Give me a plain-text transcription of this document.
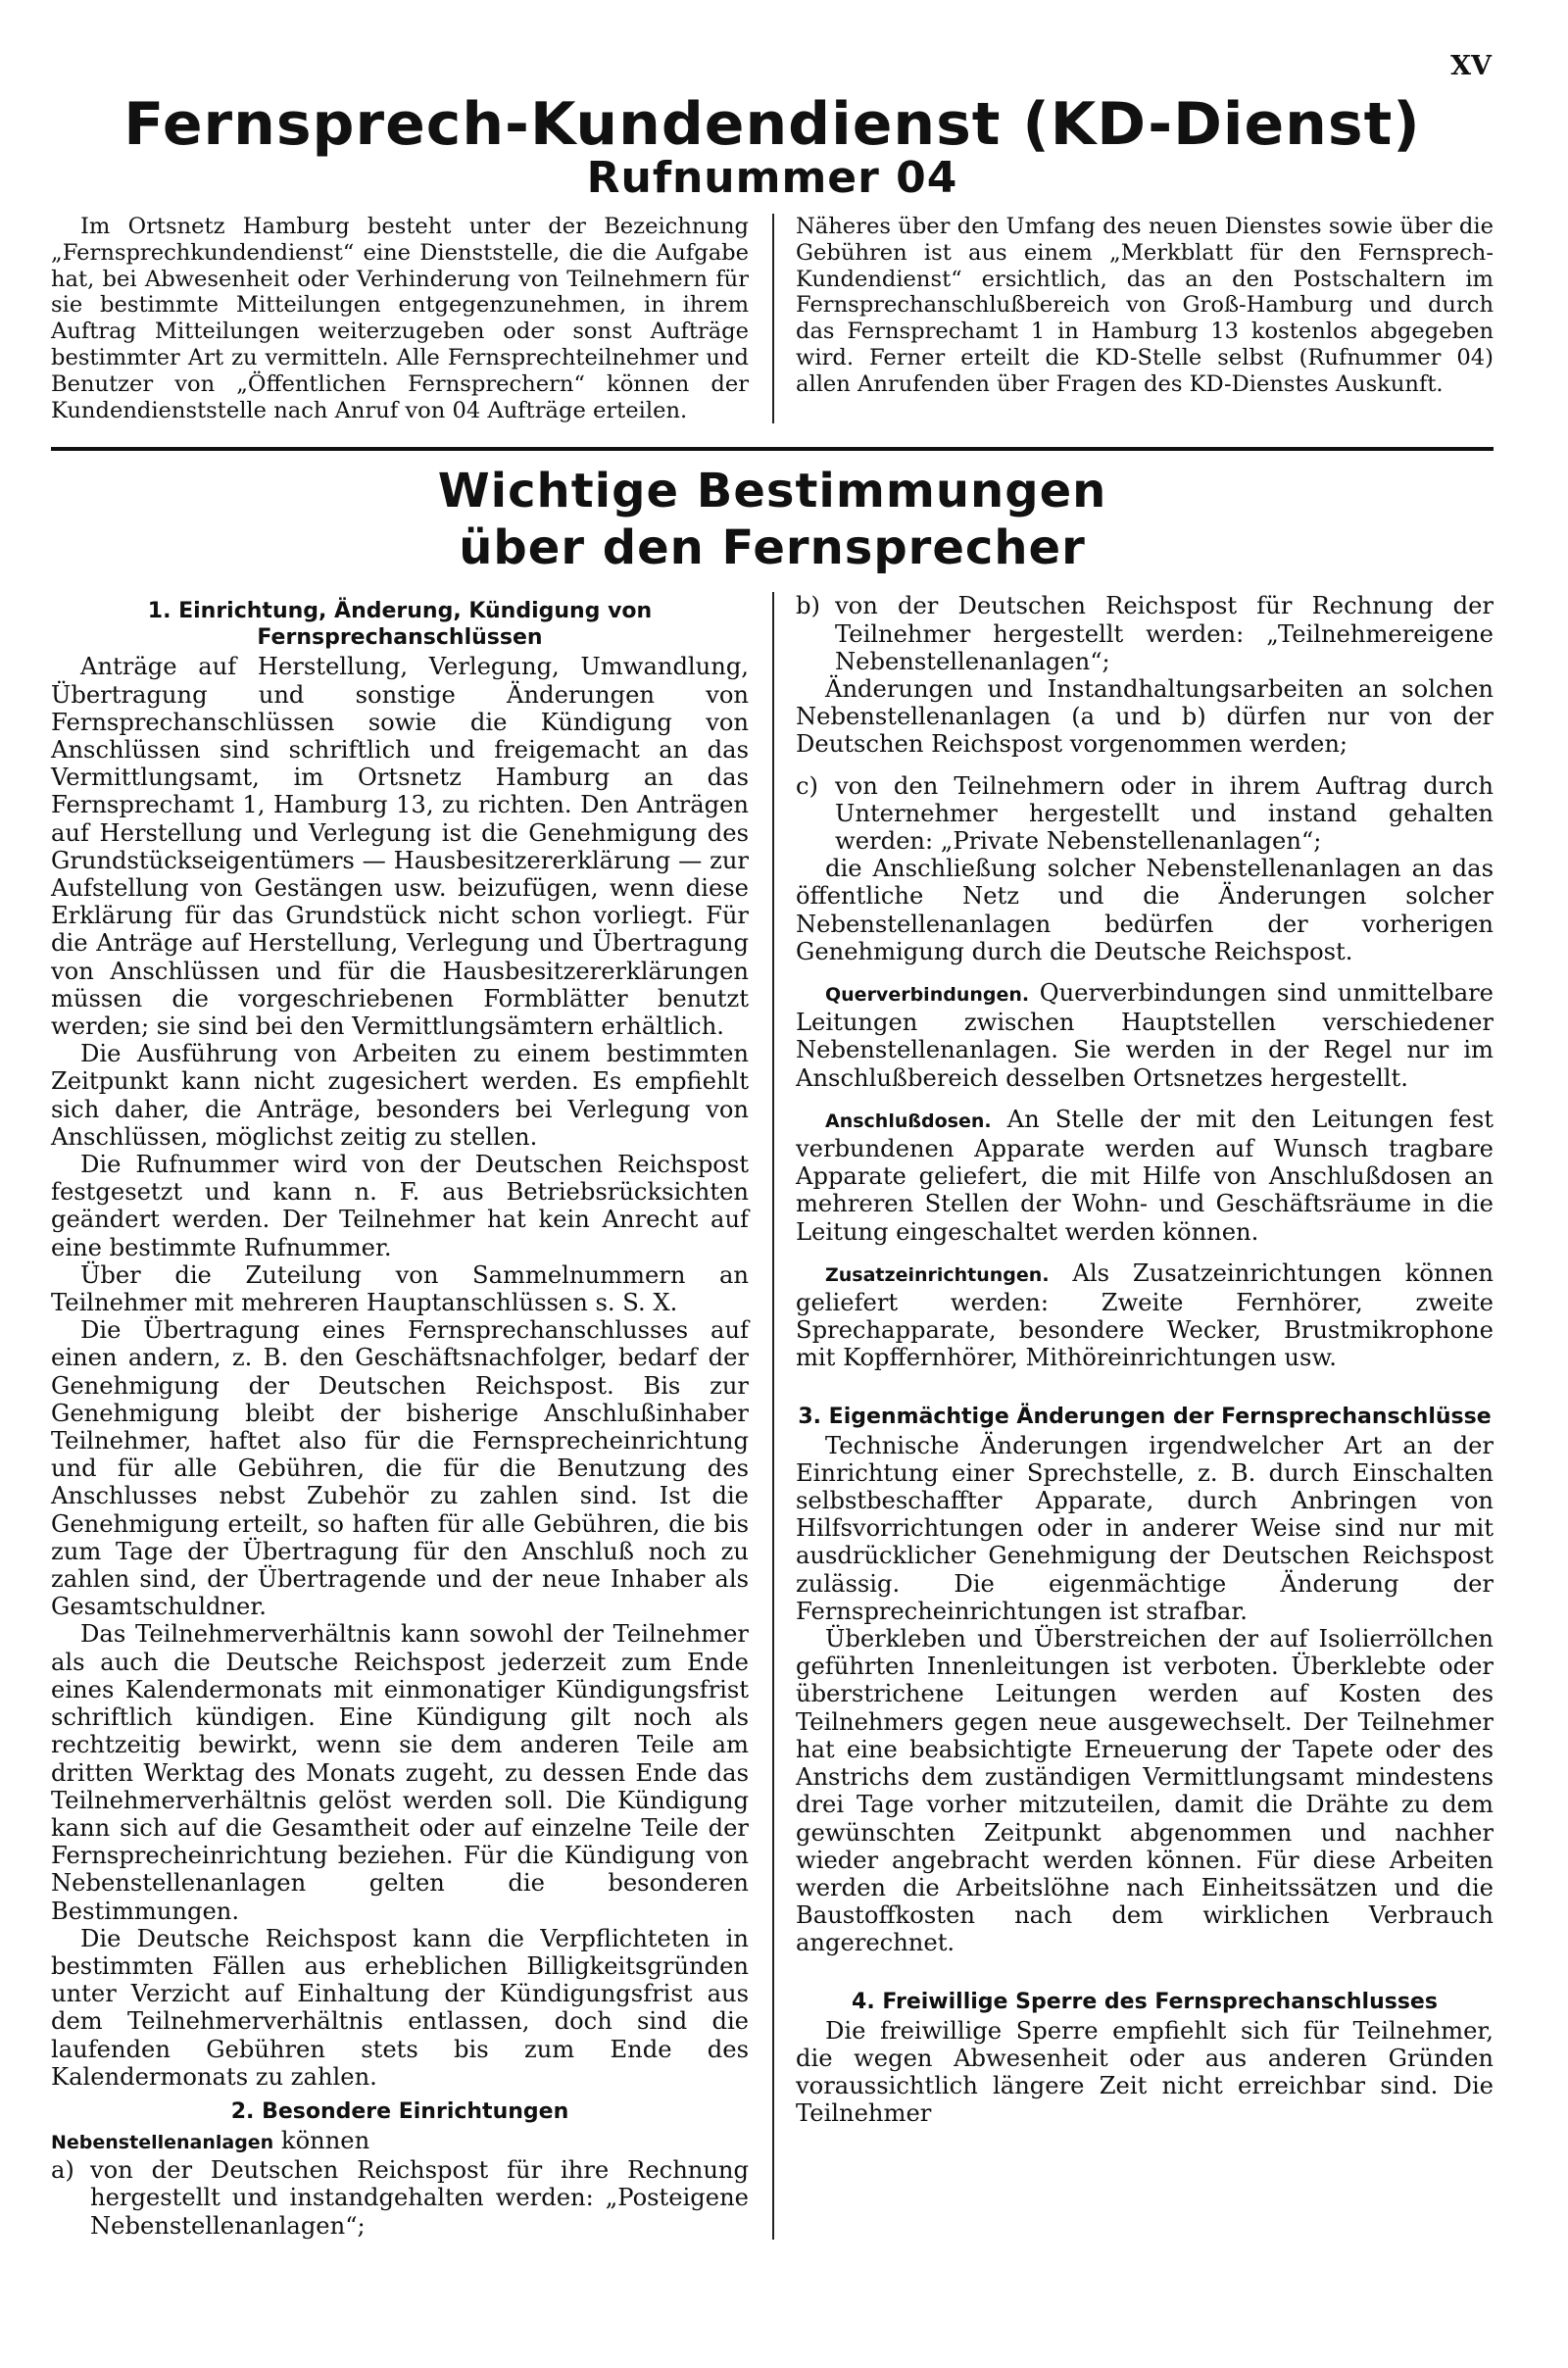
XV
Fernsprech-Kundendienst (KD-Dienst)
Rufnummer 04

Im Ortsnetz Hamburg besteht unter der Bezeichnung „Fernsprechkundendienst“ eine Dienststelle, die die Aufgabe hat, bei Abwesenheit oder Verhinderung von Teilnehmern für sie bestimmte Mitteilungen entgegenzunehmen, in ihrem Auftrag Mitteilungen weiterzugeben oder sonst Aufträge bestimmter Art zu vermitteln. Alle Fernsprechteilnehmer und Benutzer von „Öffentlichen Fernsprechern“ können der Kundendienststelle nach Anruf von 04 Aufträge erteilen.

Näheres über den Umfang des neuen Dienstes sowie über die Gebühren ist aus einem „Merkblatt für den Fernsprech-Kundendienst“ ersichtlich, das an den Postschaltern im Fernsprechanschlußbereich von Groß-Hamburg und durch das Fernsprechamt 1 in Hamburg 13 kostenlos abgegeben wird. Ferner erteilt die KD-Stelle selbst (Rufnummer 04) allen Anrufenden über Fragen des KD-Dienstes Auskunft.

Wichtige Bestimmungen
über den Fernsprecher
1. Einrichtung, Änderung, Kündigung von Fernsprechanschlüssen

Anträge auf Herstellung, Verlegung, Umwandlung, Übertragung und sonstige Änderungen von Fernsprechanschlüssen sowie die Kündigung von Anschlüssen sind schriftlich und freigemacht an das Vermittlungsamt, im Ortsnetz Hamburg an das Fernsprechamt 1, Hamburg 13, zu richten. Den Anträgen auf Herstellung und Verlegung ist die Genehmigung des Grundstückseigentümers — Hausbesitzererklärung — zur Aufstellung von Gestängen usw. beizufügen, wenn diese Erklärung für das Grundstück nicht schon vorliegt. Für die Anträge auf Herstellung, Verlegung und Übertragung von Anschlüssen und für die Hausbesitzererklärungen müssen die vorgeschriebenen Formblätter benutzt werden; sie sind bei den Vermittlungsämtern erhältlich.

Die Ausführung von Arbeiten zu einem bestimmten Zeitpunkt kann nicht zugesichert werden. Es empfiehlt sich daher, die Anträge, besonders bei Verlegung von Anschlüssen, möglichst zeitig zu stellen.

Die Rufnummer wird von der Deutschen Reichspost festgesetzt und kann n. F. aus Betriebsrücksichten geändert werden. Der Teilnehmer hat kein Anrecht auf eine bestimmte Rufnummer.

Über die Zuteilung von Sammelnummern an Teilnehmer mit mehreren Hauptanschlüssen s. S. X.

Die Übertragung eines Fernsprechanschlusses auf einen andern, z. B. den Geschäftsnachfolger, bedarf der Genehmigung der Deutschen Reichspost. Bis zur Genehmigung bleibt der bisherige Anschlußinhaber Teilnehmer, haftet also für die Fernsprecheinrichtung und für alle Gebühren, die für die Benutzung des Anschlusses nebst Zubehör zu zahlen sind. Ist die Genehmigung erteilt, so haften für alle Gebühren, die bis zum Tage der Übertragung für den Anschluß noch zu zahlen sind, der Übertragende und der neue Inhaber als Gesamtschuldner.

Das Teilnehmerverhältnis kann sowohl der Teilnehmer als auch die Deutsche Reichspost jederzeit zum Ende eines Kalendermonats mit einmonatiger Kündigungsfrist schriftlich kündigen. Eine Kündigung gilt noch als rechtzeitig bewirkt, wenn sie dem anderen Teile am dritten Werktag des Monats zugeht, zu dessen Ende das Teilnehmerverhältnis gelöst werden soll. Die Kündigung kann sich auf die Gesamtheit oder auf einzelne Teile der Fernsprecheinrichtung beziehen. Für die Kündigung von Nebenstellenanlagen gelten die besonderen Bestimmungen.

Die Deutsche Reichspost kann die Verpflichteten in bestimmten Fällen aus erheblichen Billigkeitsgründen unter Verzicht auf Einhaltung der Kündigungsfrist aus dem Teilnehmerverhältnis entlassen, doch sind die laufenden Gebühren stets bis zum Ende des Kalendermonats zu zahlen.

2. Besondere Einrichtungen

Nebenstellenanlagen können

a) von der Deutschen Reichspost für ihre Rechnung hergestellt und instandgehalten werden: „Posteigene Nebenstellenanlagen“;

b) von der Deutschen Reichspost für Rechnung der Teilnehmer hergestellt werden: „Teilnehmereigene Nebenstellenanlagen“;

Änderungen und Instandhaltungsarbeiten an solchen Nebenstellenanlagen (a und b) dürfen nur von der Deutschen Reichspost vorgenommen werden;

c) von den Teilnehmern oder in ihrem Auftrag durch Unternehmer hergestellt und instand gehalten werden: „Private Nebenstellenanlagen“;

die Anschließung solcher Nebenstellenanlagen an das öffentliche Netz und die Änderungen solcher Nebenstellenanlagen bedürfen der vorherigen Genehmigung durch die Deutsche Reichspost.

Querverbindungen. Querverbindungen sind unmittelbare Leitungen zwischen Hauptstellen verschiedener Nebenstellenanlagen. Sie werden in der Regel nur im Anschlußbereich desselben Ortsnetzes hergestellt.

Anschlußdosen. An Stelle der mit den Leitungen fest verbundenen Apparate werden auf Wunsch tragbare Apparate geliefert, die mit Hilfe von Anschlußdosen an mehreren Stellen der Wohn- und Geschäftsräume in die Leitung eingeschaltet werden können.

Zusatzeinrichtungen. Als Zusatzeinrichtungen können geliefert werden: Zweite Fernhörer, zweite Sprechapparate, besondere Wecker, Brustmikrophone mit Kopffernhörer, Mithöreinrichtungen usw.

3. Eigenmächtige Änderungen der Fernsprechanschlüsse

Technische Änderungen irgendwelcher Art an der Einrichtung einer Sprechstelle, z. B. durch Einschalten selbstbeschaffter Apparate, durch Anbringen von Hilfsvorrichtungen oder in anderer Weise sind nur mit ausdrücklicher Genehmigung der Deutschen Reichspost zulässig. Die eigenmächtige Änderung der Fernsprecheinrichtungen ist strafbar.

Überkleben und Überstreichen der auf Isolierröllchen geführten Innenleitungen ist verboten. Überklebte oder überstrichene Leitungen werden auf Kosten des Teilnehmers gegen neue ausgewechselt. Der Teilnehmer hat eine beabsichtigte Erneuerung der Tapete oder des Anstrichs dem zuständigen Vermittlungsamt mindestens drei Tage vorher mitzuteilen, damit die Drähte zu dem gewünschten Zeitpunkt abgenommen und nachher wieder angebracht werden können. Für diese Arbeiten werden die Arbeitslöhne nach Einheitssätzen und die Baustoffkosten nach dem wirklichen Verbrauch angerechnet.

4. Freiwillige Sperre des Fernsprechanschlusses

Die freiwillige Sperre empfiehlt sich für Teilnehmer, die wegen Abwesenheit oder aus anderen Gründen voraussichtlich längere Zeit nicht erreichbar sind. Die Teilnehmer
